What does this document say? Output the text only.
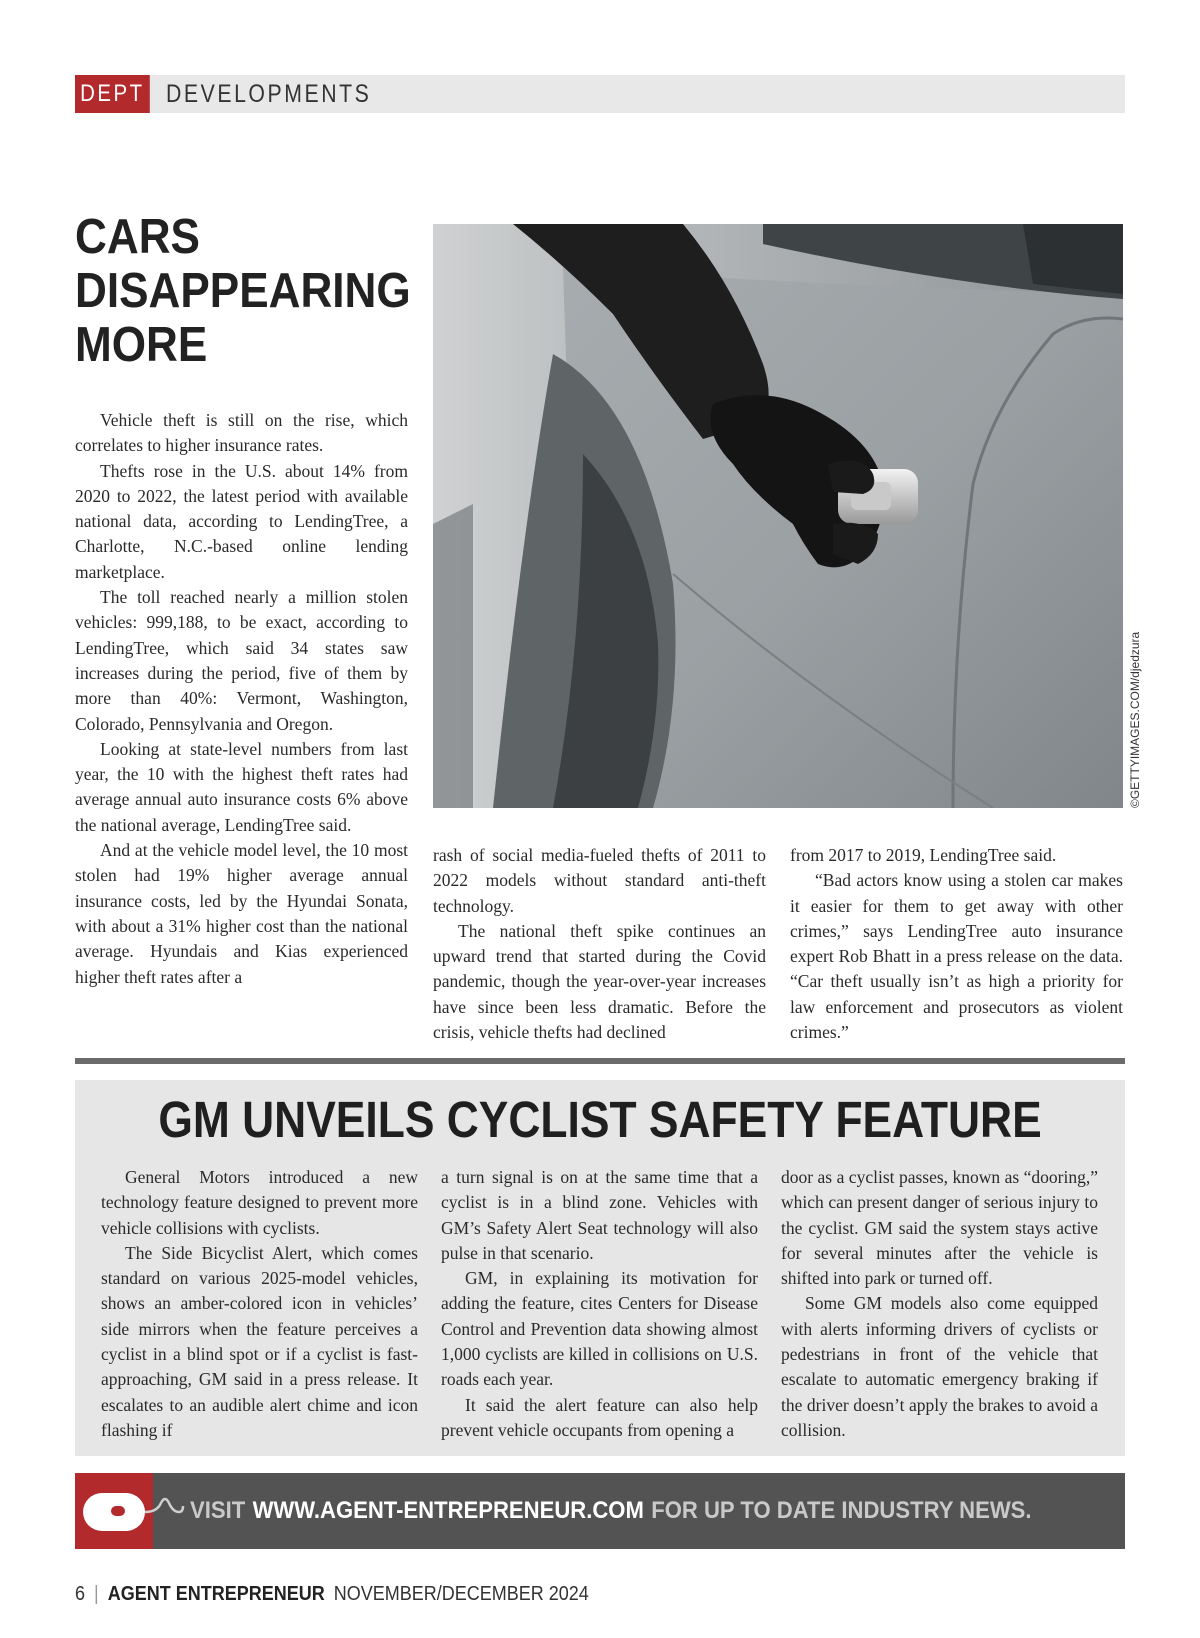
DEPT DEVELOPMENTS
CARS
DISAPPEARING
MORE
©GETTYIMAGES.COM/djedzura

Vehicle theft is still on the rise, which correlates to higher insurance rates.

Thefts rose in the U.S. about 14% from 2020 to 2022, the latest period with available national data, according to LendingTree, a Charlotte, N.C.-based online lending marketplace.

The toll reached nearly a million stolen vehicles: 999,188, to be exact, according to LendingTree, which said 34 states saw increases during the period, five of them by more than 40%: Vermont, Washington, Colorado, Pennsylvania and Oregon.

Looking at state-level numbers from last year, the 10 with the highest theft rates had average annual auto insurance costs 6% above the national average, LendingTree said.

And at the vehicle model level, the 10 most stolen had 19% higher average annual insurance costs, led by the Hyundai Sonata, with about a 31% higher cost than the national average. Hyundais and Kias experienced higher theft rates after a

rash of social media-fueled thefts of 2011 to 2022 models without standard anti-theft technology.

The national theft spike continues an upward trend that started during the Covid pandemic, though the year-over-year increases have since been less dramatic. Before the crisis, vehicle thefts had declined

from 2017 to 2019, LendingTree said.

“Bad actors know using a stolen car makes it easier for them to get away with other crimes,” says LendingTree auto insurance expert Rob Bhatt in a press release on the data. “Car theft usually isn’t as high a priority for law enforcement and prosecutors as violent crimes.”

GM UNVEILS CYCLIST SAFETY FEATURE

General Motors introduced a new technology feature designed to prevent more vehicle collisions with cyclists.

The Side Bicyclist Alert, which comes standard on various 2025-model vehicles, shows an amber-colored icon in vehicles’ side mirrors when the feature perceives a cyclist in a blind spot or if a cyclist is fast-approaching, GM said in a press release. It escalates to an audible alert chime and icon flashing if

a turn signal is on at the same time that a cyclist is in a blind zone. Vehicles with GM’s Safety Alert Seat technology will also pulse in that scenario.

GM, in explaining its motivation for adding the feature, cites Centers for Disease Control and Prevention data showing almost 1,000 cyclists are killed in collisions on U.S. roads each year.

It said the alert feature can also help prevent vehicle occupants from opening a

door as a cyclist passes, known as “dooring,” which can present danger of serious injury to the cyclist. GM said the system stays active for several minutes after the vehicle is shifted into park or turned off.

Some GM models also come equipped with alerts informing drivers of cyclists or pedestrians in front of the vehicle that escalate to automatic emergency braking if the driver doesn’t apply the brakes to avoid a collision.

VISIT WWW.AGENT-ENTREPRENEUR.COM FOR UP TO DATE INDUSTRY NEWS.
6 | AGENT ENTREPRENEUR NOVEMBER/DECEMBER 2024
